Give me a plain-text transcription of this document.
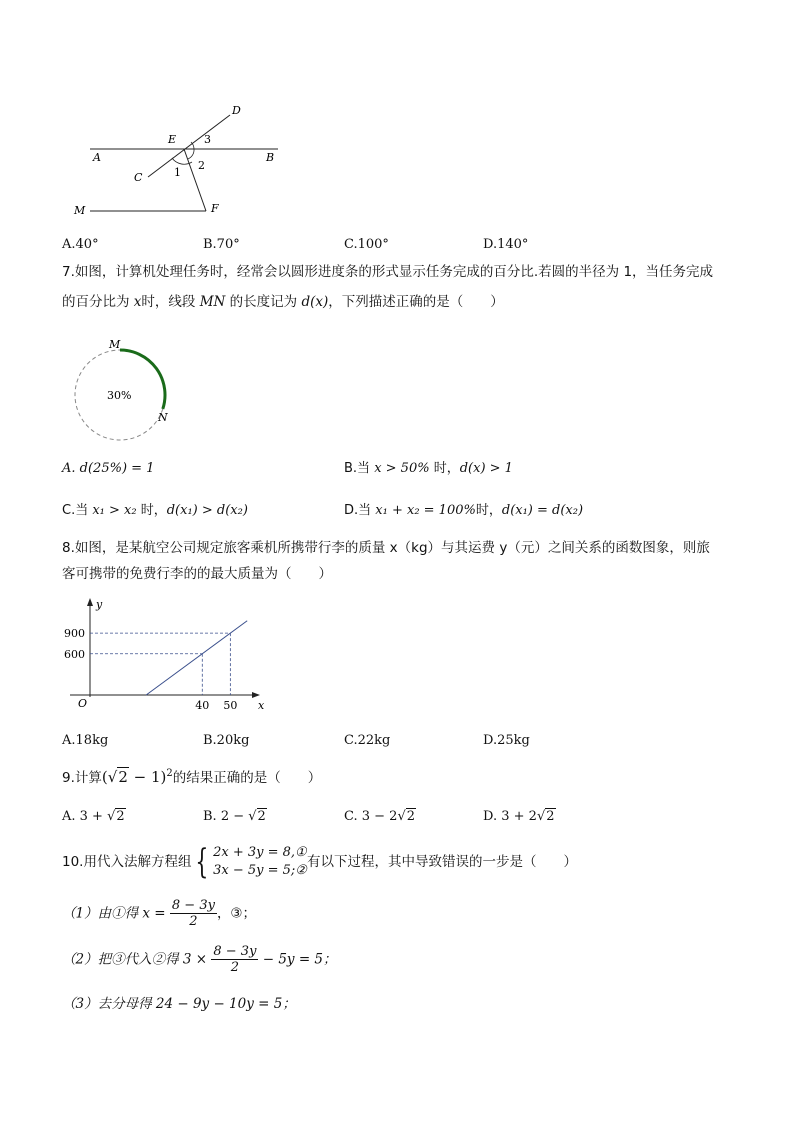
D
E	3
A	B
2
C	1
M	F
A.40°	B.70°	C.100°	D.140°
7.如图，计算机处理任务时，经常会以圆形进度条的形式显示任务完成的百分比.若圆的半径为 1，当任务完成
的百分比为 x时，线段 MN 的长度记为 d(x)，下列描述正确的是（　　）
M
N
30%
A. d(25%) = 1	B.当 x > 50% 时，d(x) > 1
C.当 x₁ > x₂ 时，d(x₁) > d(x₂)	D.当 x₁ + x₂ = 100%时，d(x₁) = d(x₂)
8.如图，是某航空公司规定旅客乘机所携带行李的质量 x（kg）与其运费 y（元）之间关系的函数图象，则旅
客可携带的免费行李的的最大质量为（　　）
x
y
O	40
600
50
900
A.18kg	B.20kg	C.22kg	D.25kg
9.计算$(√2 - 1)^2$的结果正确的是（　　）
A. 3 + √2	B. 2 − √2	C. 3 − 2√2	D. 3 + 2√2
10.用代入法解方程组 { 2x + 3y = 8,①
3x − 5y = 5;②
有以下过程，其中导致错误的一步是（　　）
（1）由①得 $x = \frac{8 - 3y}{2}$ ，③；
（2）把③代入②得 $3 \times \frac{8 - 3y}{2} - 5y = 5$；
（3）去分母得 24 − 9y − 10y = 5；
